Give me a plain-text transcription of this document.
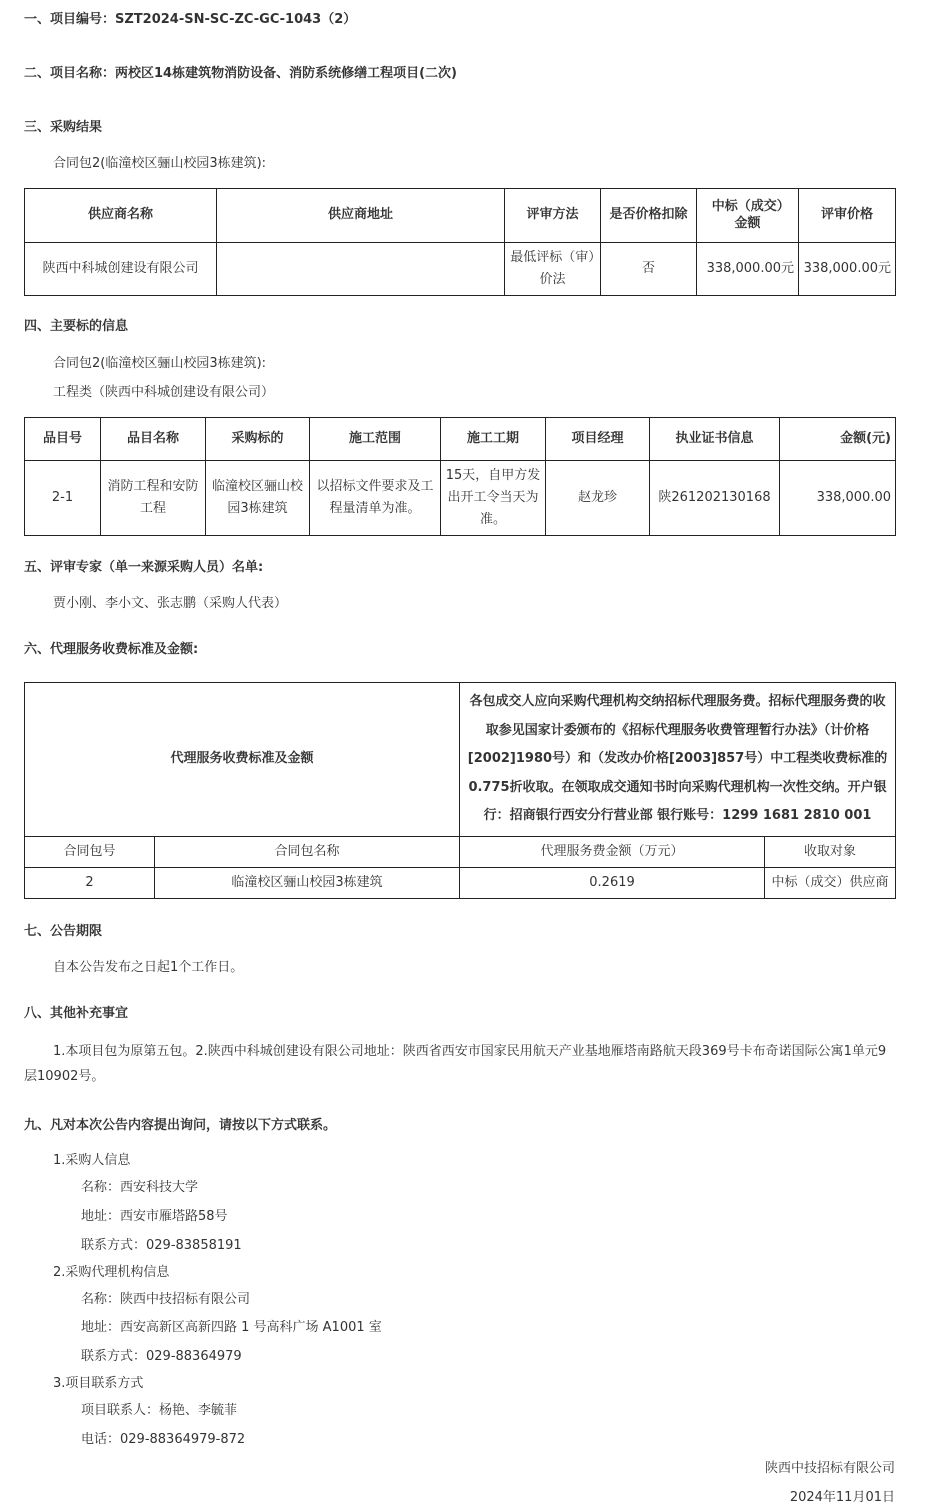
一、项目编号：SZT2024-SN-SC-ZC-GC-1043（2）
二、项目名称：两校区14栋建筑物消防设备、消防系统修缮工程项目(二次)
三、采购结果
合同包2(临潼校区骊山校园3栋建筑):
供应商名称	供应商地址	评审方法	是否价格扣除	中标（成交）金额	评审价格
陕西中科城创建设有限公司		最低评标（审）价法	否	338,000.00元	338,000.00元
四、主要标的信息
合同包2(临潼校区骊山校园3栋建筑):
工程类（陕西中科城创建设有限公司）
品目号	品目名称	采购标的	施工范围	施工工期	项目经理	执业证书信息	金额(元)
2-1	消防工程和安防工程	临潼校区骊山校园3栋建筑	以招标文件要求及工程量清单为准。	15天，自甲方发出开工令当天为准。	赵龙珍	陕261202130168	338,000.00
五、评审专家（单一来源采购人员）名单:
贾小刚、李小文、张志鹏（采购人代表）
六、代理服务收费标准及金额:
代理服务收费标准及金额		各包成交人应向采购代理机构交纳招标代理服务费。招标代理服务费的收取参见国家计委颁布的《招标代理服务收费管理暂行办法》（计价格[2002]1980号）和（发改办价格[2003]857号）中工程类收费标准的0.775折收取。在领取成交通知书时向采购代理机构一次性交纳。开户银行：招商银行西安分行营业部 银行账号：1299 1681 2810 001	
合同包号	合同包名称	代理服务费金额（万元）	收取对象
2	临潼校区骊山校园3栋建筑	0.2619	中标（成交）供应商
七、公告期限
自本公告发布之日起1个工作日。
八、其他补充事宜
1.本项目包为原第五包。2.陕西中科城创建设有限公司地址：陕西省西安市国家民用航天产业基地雁塔南路航天段369号卡布奇诺国际公寓1单元9层10902号。
九、凡对本次公告内容提出询问，请按以下方式联系。
1.采购人信息
名称：西安科技大学
地址：西安市雁塔路58号
联系方式：029-83858191
2.采购代理机构信息
名称：陕西中技招标有限公司
地址：西安高新区高新四路 1 号高科广场 A1001 室
联系方式：029-88364979
3.项目联系方式
项目联系人：杨艳、李毓菲
电话：029-88364979-872
陕西中技招标有限公司
2024年11月01日
